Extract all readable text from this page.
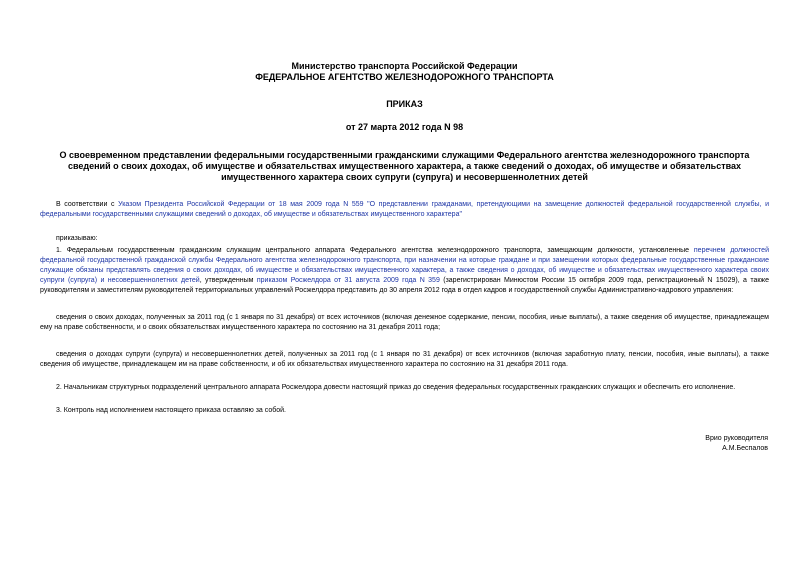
Министерство транспорта Российской Федерации
ФЕДЕРАЛЬНОЕ АГЕНТСТВО ЖЕЛЕЗНОДОРОЖНОГО ТРАНСПОРТА
ПРИКАЗ
от 27 марта 2012 года N 98
О своевременном представлении федеральными государственными гражданскими служащими Федерального агентства железнодорожного транспорта сведений о своих доходах, об имуществе и обязательствах имущественного характера, а также сведений о доходах, об имуществе и обязательствах имущественного характера своих супруги (супруга) и несовершеннолетних детей
В соответствии с Указом Президента Российской Федерации от 18 мая 2009 года N 559 "О представлении гражданами, претендующими на замещение должностей федеральной государственной службы, и федеральными государственными служащими сведений о доходах, об имуществе и обязательствах имущественного характера"
приказываю:
1. Федеральным государственным гражданским служащим центрального аппарата Федерального агентства железнодорожного транспорта, замещающим должности, установленные перечнем должностей федеральной государственной гражданской службы Федерального агентства железнодорожного транспорта, при назначении на которые граждане и при замещении которых федеральные государственные гражданские служащие обязаны представлять сведения о своих доходах, об имуществе и обязательствах имущественного характера, а также сведения о доходах, об имуществе и обязательствах имущественного характера своих супруги (супруга) и несовершеннолетних детей, утвержденным приказом Росжелдора от 31 августа 2009 года N 359 (зарегистрирован Минюстом России 15 октября 2009 года, регистрационный N 15029), а также руководителям и заместителям руководителей территориальных управлений Росжелдора представить до 30 апреля 2012 года в отдел кадров и государственной службы Административно-кадрового управления:
сведения о своих доходах, полученных за 2011 год (с 1 января по 31 декабря) от всех источников (включая денежное содержание, пенсии, пособия, иные выплаты), а также сведения об имуществе, принадлежащем ему на праве собственности, и о своих обязательствах имущественного характера по состоянию на 31 декабря 2011 года;
сведения о доходах супруги (супруга) и несовершеннолетних детей, полученных за 2011 год (с 1 января по 31 декабря) от всех источников (включая заработную плату, пенсии, пособия, иные выплаты), а также сведения об имуществе, принадлежащем им на праве собственности, и об их обязательствах имущественного характера по состоянию на 31 декабря 2011 года.
2. Начальникам структурных подразделений центрального аппарата Росжелдора довести настоящий приказ до сведения федеральных государственных гражданских служащих и обеспечить его исполнение.
3. Контроль над исполнением настоящего приказа оставляю за собой.
Врио руководителя
А.М.Беспалов
